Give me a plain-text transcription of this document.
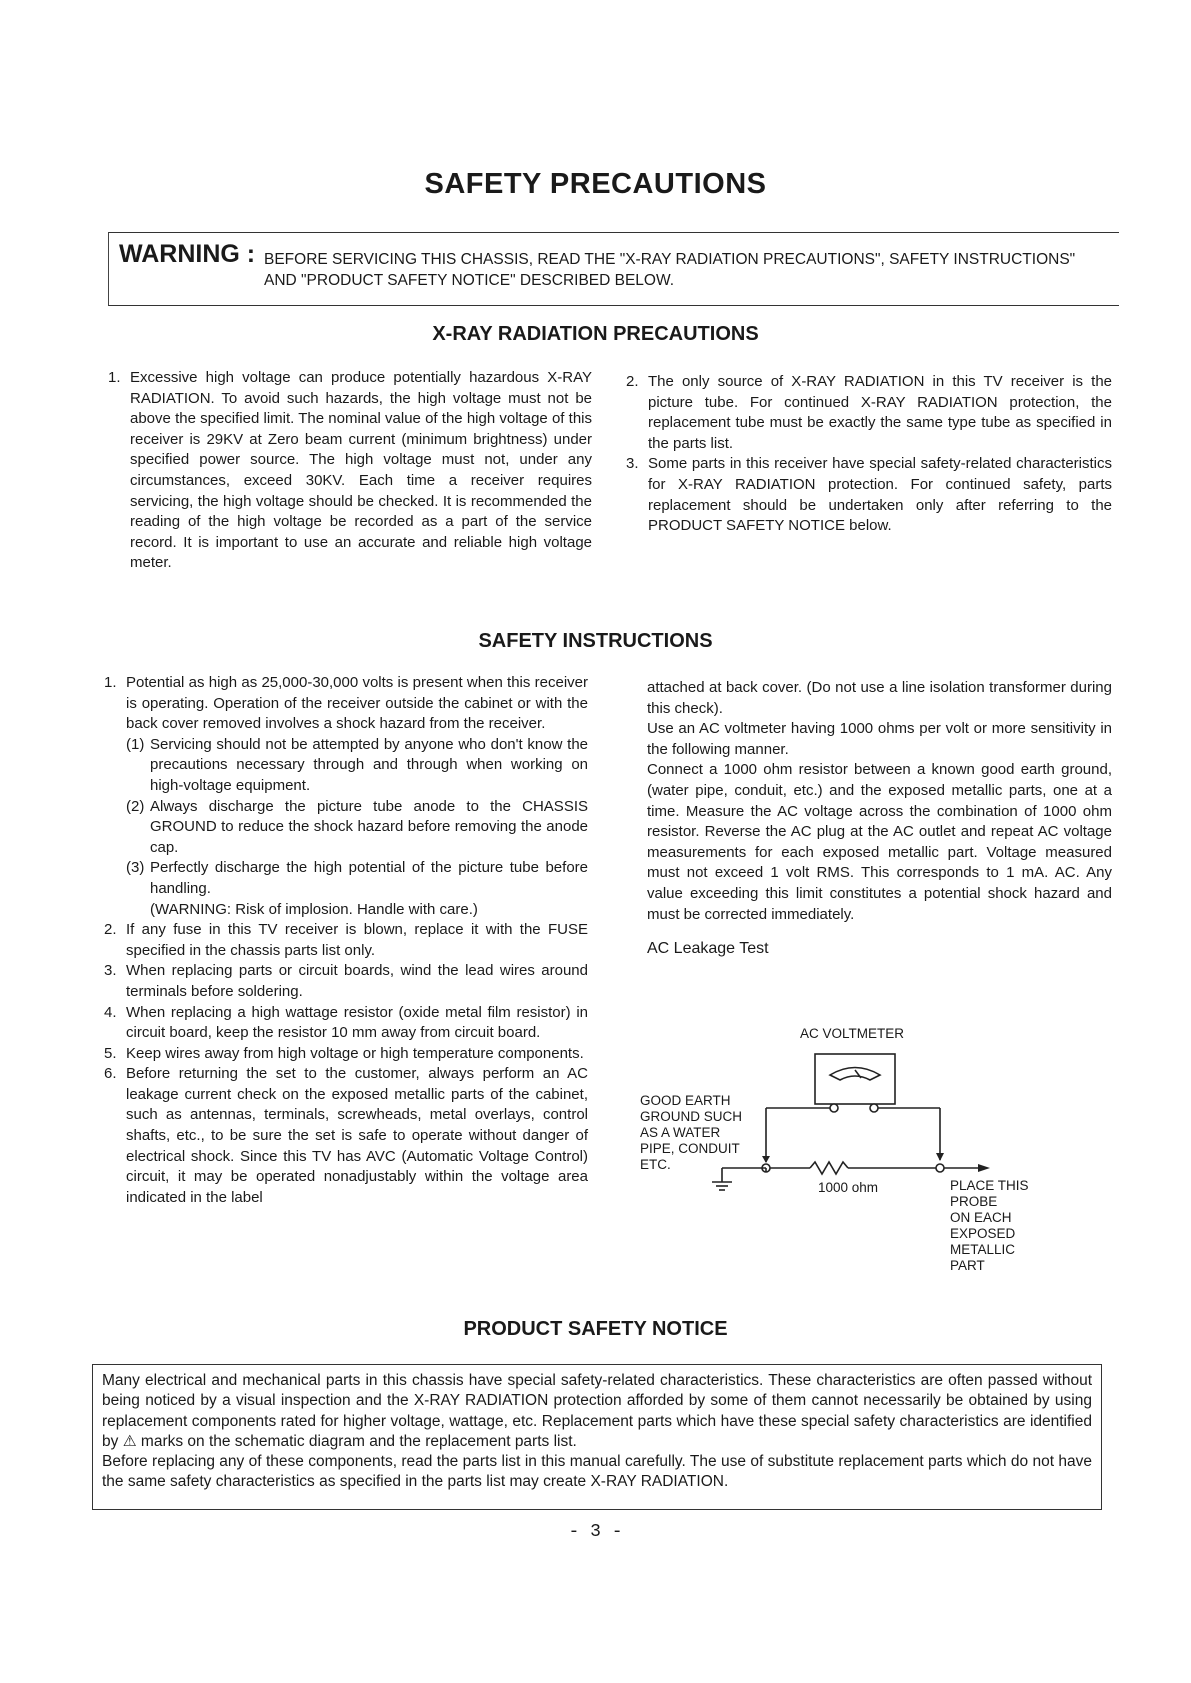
SAFETY PRECAUTIONS
WARNING : BEFORE SERVICING THIS CHASSIS, READ THE "X-RAY RADIATION PRECAUTIONS", SAFETY INSTRUCTIONS"
AND "PRODUCT SAFETY NOTICE" DESCRIBED BELOW.
X-RAY RADIATION PRECAUTIONS
1. Excessive high voltage can produce potentially hazardous X-RAY RADIATION. To avoid such hazards, the high voltage must not be above the specified limit. The nominal value of the high voltage of this receiver is 29KV at Zero beam current (minimum brightness) under specified power source. The high voltage must not, under any circumstances, exceed 30KV. Each time a receiver requires servicing, the high voltage should be checked. It is recommended the reading of the high voltage be recorded as a part of the service record. It is important to use an accurate and reliable high voltage meter.
2. The only source of X-RAY RADIATION in this TV receiver is the picture tube. For continued X-RAY RADIATION protection, the replacement tube must be exactly the same type tube as specified in the parts list.
3. Some parts in this receiver have special safety-related characteristics for X-RAY RADIATION protection. For continued safety, parts replacement should be undertaken only after referring to the PRODUCT SAFETY NOTICE below.
SAFETY INSTRUCTIONS
1. Potential as high as 25,000-30,000 volts is present when this receiver is operating. Operation of the receiver outside the cabinet or with the back cover removed involves a shock hazard from the receiver.
(1) Servicing should not be attempted by anyone who don't know the precautions necessary through and through when working on high-voltage equipment.
(2) Always discharge the picture tube anode to the CHASSIS GROUND to reduce the shock hazard before removing the anode cap.
(3) Perfectly discharge the high potential of the picture tube before handling.
(WARNING: Risk of implosion. Handle with care.)
2. If any fuse in this TV receiver is blown, replace it with the FUSE specified in the chassis parts list only.
3. When replacing parts or circuit boards, wind the lead wires around terminals before soldering.
4. When replacing a high wattage resistor (oxide metal film resistor) in circuit board, keep the resistor 10 mm away from circuit board.
5. Keep wires away from high voltage or high temperature components.
6. Before returning the set to the customer, always perform an AC leakage current check on the exposed metallic parts of the cabinet, such as antennas, terminals, screwheads, metal overlays, control shafts, etc., to be sure the set is safe to operate without danger of electrical shock. Since this TV has AVC (Automatic Voltage Control) circuit, it may be operated nonadjustably within the voltage area indicated in the label
attached at back cover. (Do not use a line isolation transformer during this check).
Use an AC voltmeter having 1000 ohms per volt or more sensitivity in the following manner.
Connect a 1000 ohm resistor between a known good earth ground, (water pipe, conduit, etc.) and the exposed metallic parts, one at a time. Measure the AC voltage across the combination of 1000 ohm resistor. Reverse the AC plug at the AC outlet and repeat AC voltage measurements for each exposed metallic part. Voltage measured must not exceed 1 volt RMS. This corresponds to 1 mA. AC. Any value exceeding this limit constitutes a potential shock hazard and must be corrected immediately.
AC Leakage Test
AC VOLTMETER
GOOD EARTH
GROUND SUCH
AS A WATER
PIPE, CONDUIT
ETC.
1000 ohm	PLACE THIS PROBE
ON EACH EXPOSED
METALLIC PART
PRODUCT SAFETY NOTICE
Many electrical and mechanical parts in this chassis have special safety-related characteristics. These characteristics are often passed without being noticed by a visual inspection and the X-RAY RADIATION protection afforded by some of them cannot necessarily be obtained by using replacement components rated for higher voltage, wattage, etc. Replacement parts which have these special safety characteristics are identified by ⚠ marks on the schematic diagram and the replacement parts list.
Before replacing any of these components, read the parts list in this manual carefully. The use of substitute replacement parts which do not have the same safety characteristics as specified in the parts list may create X-RAY RADIATION.
- 3 -
